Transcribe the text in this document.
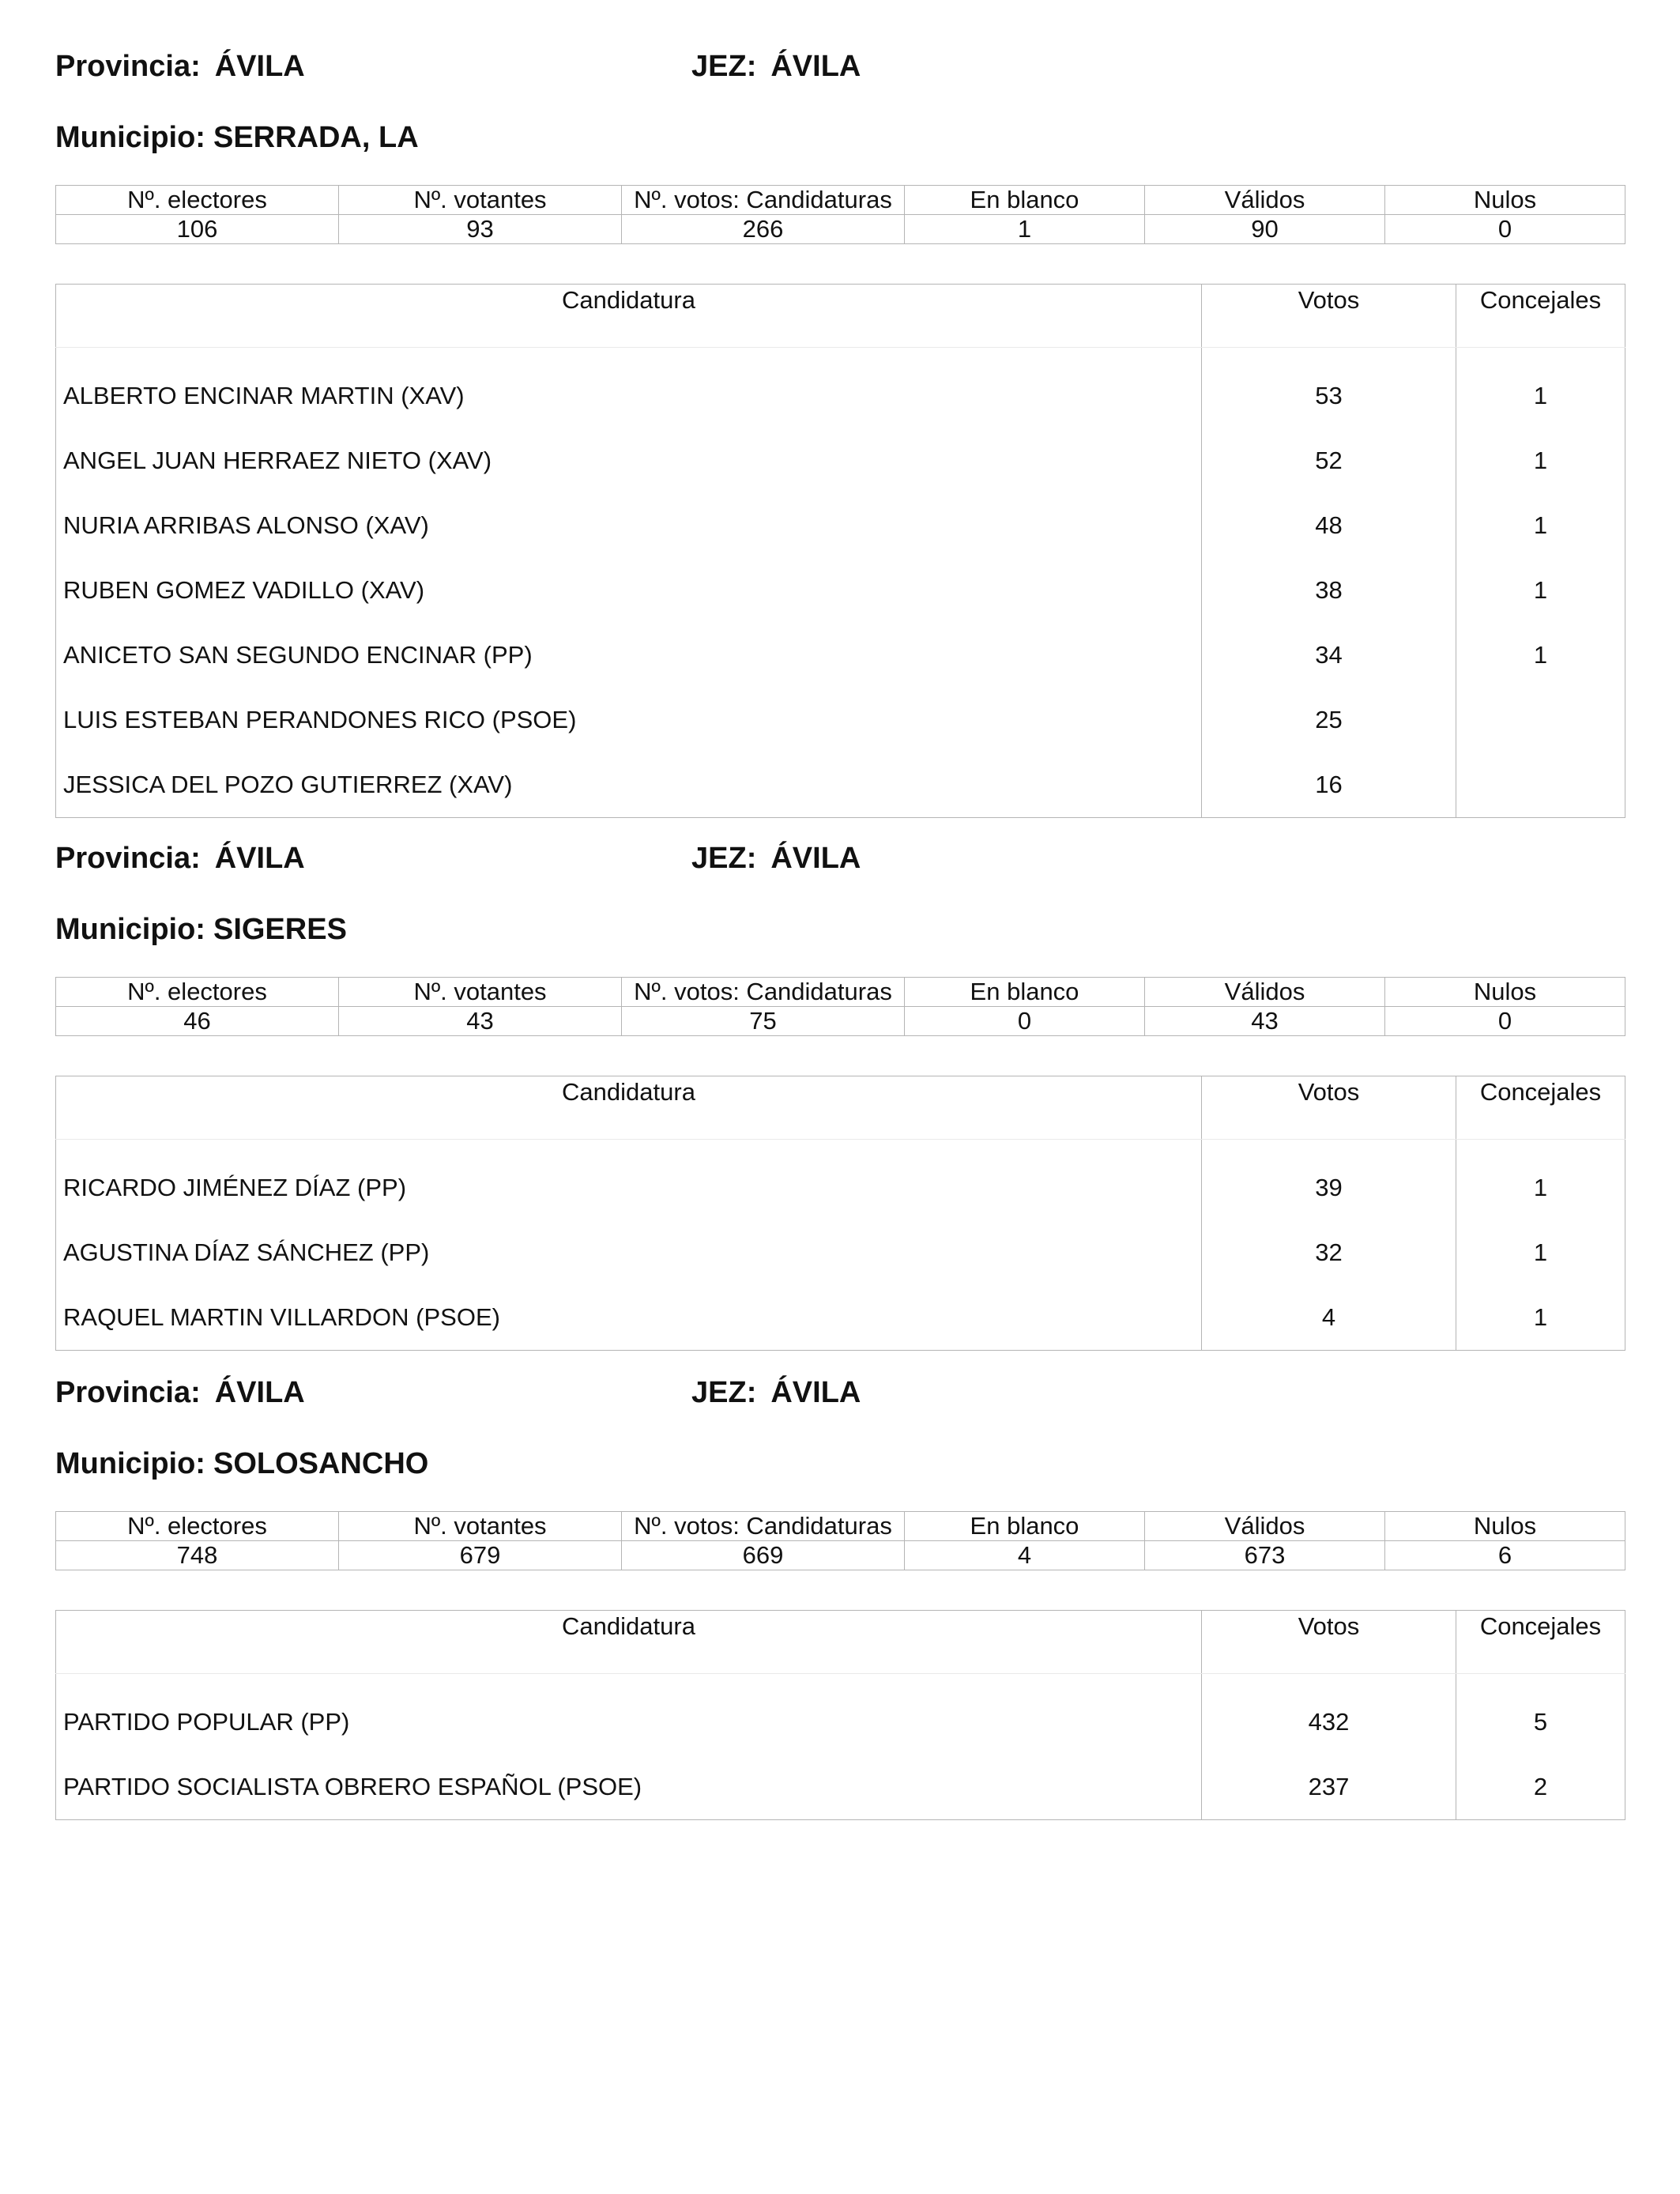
Provincia: ÁVILA	JEZ: ÁVILA
Municipio: SERRADA, LA
Nº. electores	Nº. votantes	Nº. votos: Candidaturas	En blanco	Válidos	Nulos
106	93	266	1	90	0
Candidatura	Votos	Concejales
ALBERTO ENCINAR MARTIN (XAV)	53	1
ANGEL JUAN HERRAEZ NIETO (XAV)	52	1
NURIA ARRIBAS ALONSO (XAV)	48	1
RUBEN GOMEZ VADILLO (XAV)	38	1
ANICETO SAN SEGUNDO ENCINAR (PP)	34	1
LUIS ESTEBAN PERANDONES RICO (PSOE)	25	
JESSICA DEL POZO GUTIERREZ (XAV)	16	
Provincia: ÁVILA	JEZ: ÁVILA
Municipio: SIGERES
Nº. electores	Nº. votantes	Nº. votos: Candidaturas	En blanco	Válidos	Nulos
46	43	75	0	43	0
Candidatura	Votos	Concejales
RICARDO JIMÉNEZ DÍAZ (PP)	39	1
AGUSTINA DÍAZ SÁNCHEZ (PP)	32	1
RAQUEL MARTIN VILLARDON (PSOE)	4	1
Provincia: ÁVILA	JEZ: ÁVILA
Municipio: SOLOSANCHO
Nº. electores	Nº. votantes	Nº. votos: Candidaturas	En blanco	Válidos	Nulos
748	679	669	4	673	6
Candidatura	Votos	Concejales
PARTIDO POPULAR (PP)	432	5
PARTIDO SOCIALISTA OBRERO ESPAÑOL (PSOE)	237	2
